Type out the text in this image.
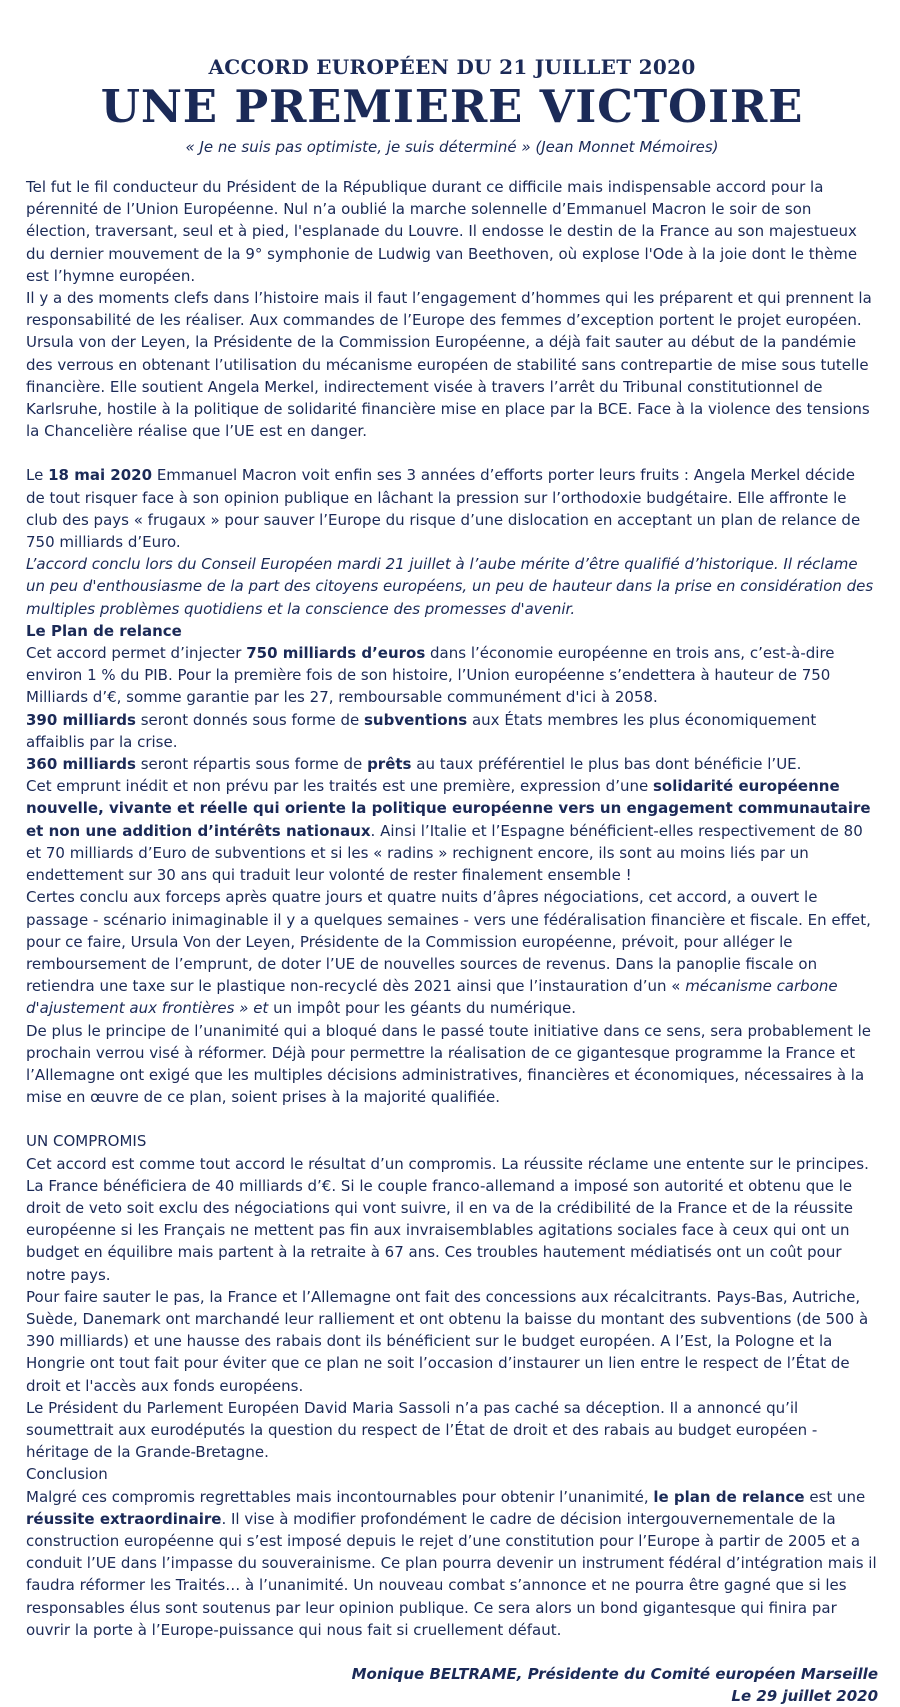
ACCORD EUROPÉEN DU 21 JUILLET 2020
UNE PREMIERE VICTOIRE
« Je ne suis pas optimiste, je suis déterminé » (Jean Monnet Mémoires)

Tel fut le fil conducteur du Président de la République durant ce difficile mais indispensable accord pour la pérennité de l’Union Européenne. Nul n’a oublié la marche solennelle d’Emmanuel Macron le soir de son élection, traversant, seul et à pied, l'esplanade du Louvre. Il endosse le destin de la France au son majestueux du dernier mouvement de la 9° symphonie de Ludwig van Beethoven, où explose l'Ode à la joie dont le thème est l’hymne européen.

Il y a des moments clefs dans l’histoire mais il faut l’engagement d’hommes qui les préparent et qui prennent la responsabilité de les réaliser. Aux commandes de l’Europe des femmes d’exception portent le projet européen. Ursula von der Leyen, la Présidente de la Commission Européenne, a déjà fait sauter au début de la pandémie des verrous en obtenant l’utilisation du mécanisme européen de stabilité sans contrepartie de mise sous tutelle financière. Elle soutient Angela Merkel, indirectement visée à travers l’arrêt du Tribunal constitutionnel de Karlsruhe, hostile à la politique de solidarité financière mise en place par la BCE. Face à la violence des tensions la Chancelière réalise que l’UE est en danger.

Le 18 mai 2020 Emmanuel Macron voit enfin ses 3 années d’efforts porter leurs fruits : Angela Merkel décide de tout risquer face à son opinion publique en lâchant la pression sur l’orthodoxie budgétaire. Elle affronte le club des pays « frugaux » pour sauver l’Europe du risque d’une dislocation en acceptant un plan de relance de 750 milliards d’Euro.

L’accord conclu lors du Conseil Européen mardi 21 juillet à l’aube mérite d’être qualifié d’historique. Il réclame un peu d'enthousiasme de la part des citoyens européens, un peu de hauteur dans la prise en considération des multiples problèmes quotidiens et la conscience des promesses d'avenir.

Le Plan de relance

Cet accord permet d’injecter 750 milliards d’euros dans l’économie européenne en trois ans, c’est-à-dire environ 1 % du PIB. Pour la première fois de son histoire, l’Union européenne s’endettera à hauteur de 750 Milliards d’€, somme garantie par les 27, remboursable communément d'ici à 2058.

390 milliards seront donnés sous forme de subventions aux États membres les plus économiquement affaiblis par la crise.

360 milliards seront répartis sous forme de prêts au taux préférentiel le plus bas dont bénéficie l’UE.

Cet emprunt inédit et non prévu par les traités est une première, expression d’une solidarité européenne nouvelle, vivante et réelle qui oriente la politique européenne vers un engagement communautaire et non une addition d’intérêts nationaux. Ainsi l’Italie et l’Espagne bénéficient-elles respectivement de 80 et 70 milliards d’Euro de subventions et si les « radins » rechignent encore, ils sont au moins liés par un endettement sur 30 ans qui traduit leur volonté de rester finalement ensemble !

Certes conclu aux forceps après quatre jours et quatre nuits d’âpres négociations, cet accord, a ouvert le passage - scénario inimaginable il y a quelques semaines - vers une fédéralisation financière et fiscale. En effet, pour ce faire, Ursula Von der Leyen, Présidente de la Commission européenne, prévoit, pour alléger le remboursement de l’emprunt, de doter l’UE de nouvelles sources de revenus. Dans la panoplie fiscale on retiendra une taxe sur le plastique non-recyclé dès 2021 ainsi que l’instauration d’un « mécanisme carbone d'ajustement aux frontières » et un impôt pour les géants du numérique.

De plus le principe de l’unanimité qui a bloqué dans le passé toute initiative dans ce sens, sera probablement le prochain verrou visé à réformer. Déjà pour permettre la réalisation de ce gigantesque programme la France et l’Allemagne ont exigé que les multiples décisions administratives, financières et économiques, nécessaires à la mise en œuvre de ce plan, soient prises à la majorité qualifiée.

UN COMPROMIS

Cet accord est comme tout accord le résultat d’un compromis. La réussite réclame une entente sur le principes. La France bénéficiera de 40 milliards d’€. Si le couple franco-allemand a imposé son autorité et obtenu que le droit de veto soit exclu des négociations qui vont suivre, il en va de la crédibilité de la France et de la réussite européenne si les Français ne mettent pas fin aux invraisemblables agitations sociales face à ceux qui ont un budget en équilibre mais partent à la retraite à 67 ans. Ces troubles hautement médiatisés ont un coût pour notre pays.

Pour faire sauter le pas, la France et l’Allemagne ont fait des concessions aux récalcitrants. Pays-Bas, Autriche, Suède, Danemark ont marchandé leur ralliement et ont obtenu la baisse du montant des subventions (de 500 à 390 milliards) et une hausse des rabais dont ils bénéficient sur le budget européen. A l’Est, la Pologne et la Hongrie ont tout fait pour éviter que ce plan ne soit l’occasion d’instaurer un lien entre le respect de l’État de droit et l'accès aux fonds européens.

Le Président du Parlement Européen David Maria Sassoli n’a pas caché sa déception. Il a annoncé qu’il soumettrait aux eurodéputés la question du respect de l’État de droit et des rabais au budget européen - héritage de la Grande-Bretagne.

Conclusion

Malgré ces compromis regrettables mais incontournables pour obtenir l’unanimité, le plan de relance est une réussite extraordinaire. Il vise à modifier profondément le cadre de décision intergouvernementale de la construction européenne qui s’est imposé depuis le rejet d’une constitution pour l’Europe à partir de 2005 et a conduit l’UE dans l’impasse du souverainisme. Ce plan pourra devenir un instrument fédéral d’intégration mais il faudra réformer les Traités… à l’unanimité. Un nouveau combat s’annonce et ne pourra être gagné que si les responsables élus sont soutenus par leur opinion publique. Ce sera alors un bond gigantesque qui finira par ouvrir la porte à l’Europe-puissance qui nous fait si cruellement défaut.

Monique BELTRAME, Présidente du Comité européen Marseille
Le 29 juillet 2020
